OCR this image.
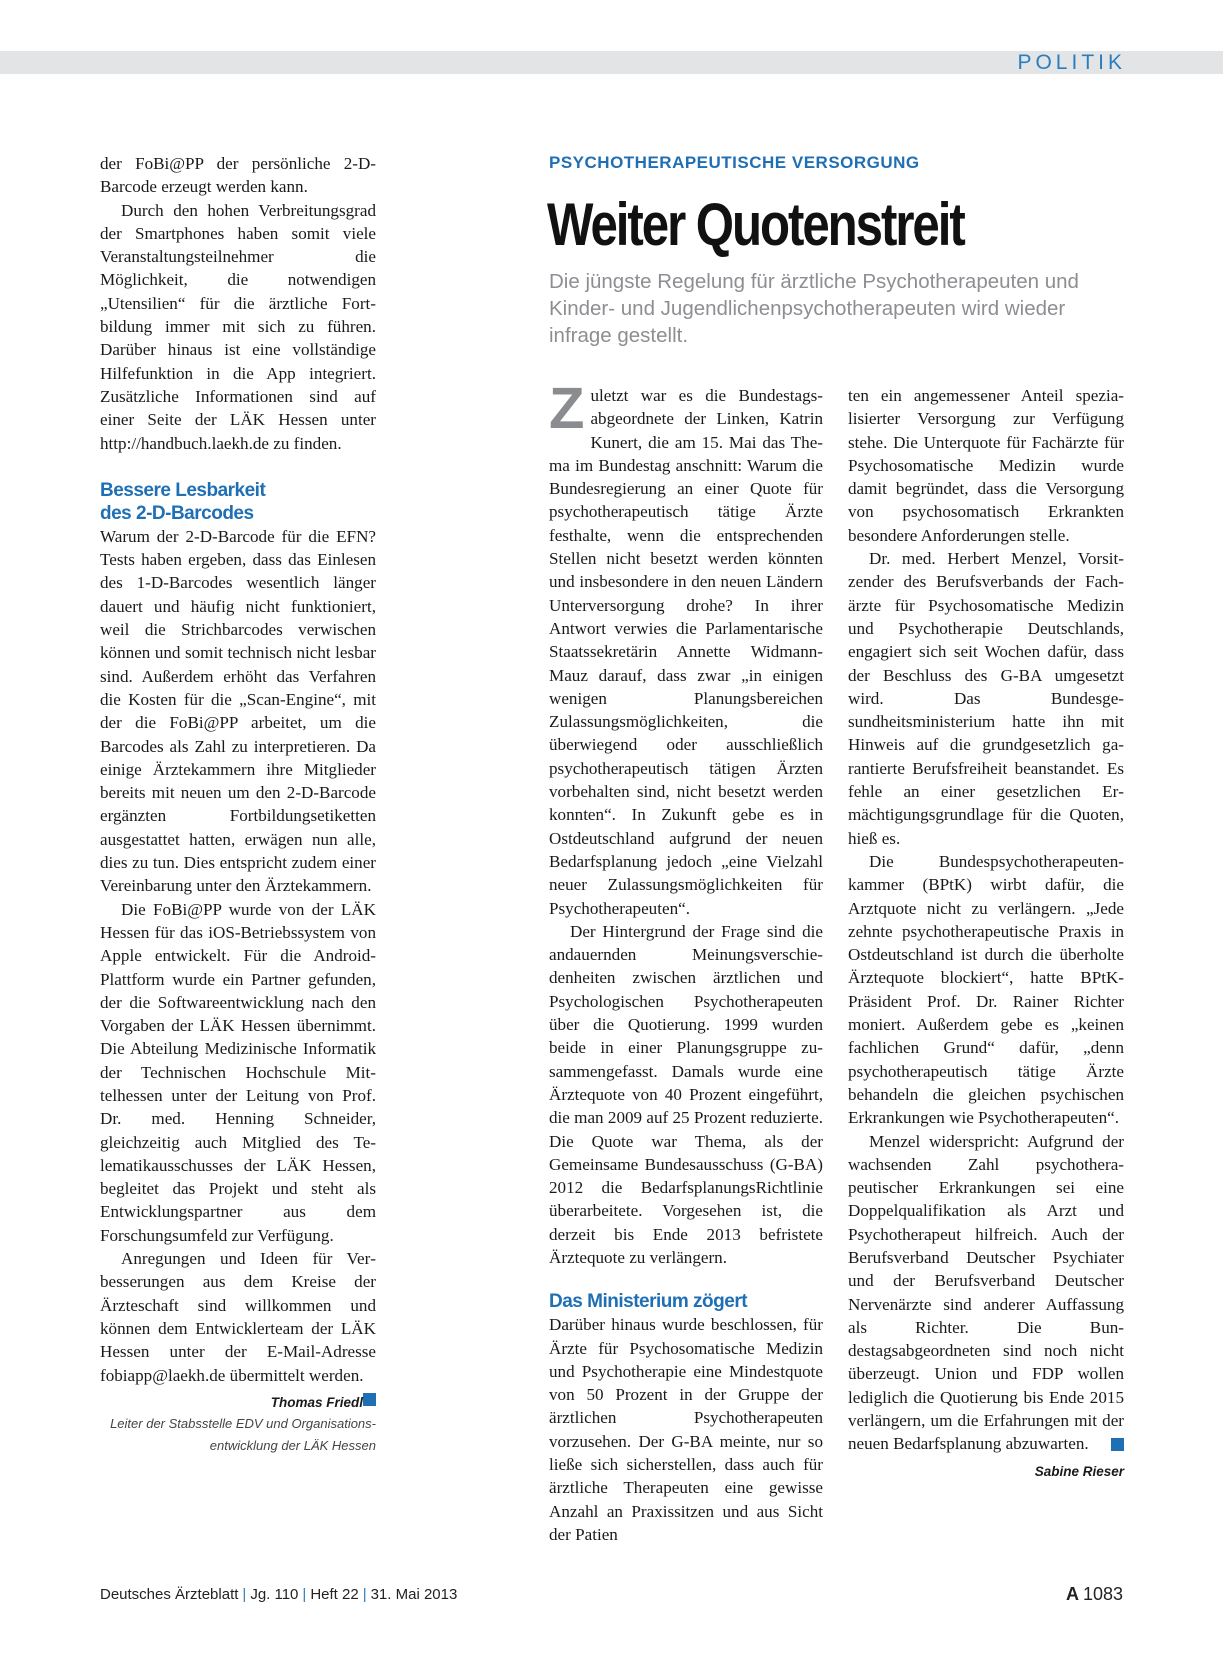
POLITIK

der FoBi@PP der persönliche 2-D-Barcode erzeugt werden kann.

Durch den hohen Verbreitungsgrad der Smartphones haben somit viele Veranstaltungsteilnehmer die Möglichkeit, die notwendigen „Utensilien“ für die ärztliche Fortbildung immer mit sich zu führen. Darüber hinaus ist eine vollständige Hilfefunktion in die App integriert. Zusätzliche Informationen sind auf einer Seite der LÄK Hessen unter http://handbuch.laekh.de zu finden.

Bessere Lesbarkeit
des 2-D-Barcodes

Warum der 2-D-Barcode für die EFN? Tests haben ergeben, dass das Einlesen des 1-D-Barcodes wesentlich länger dauert und häufig nicht funktioniert, weil die Strichbarcodes verwischen können und somit technisch nicht lesbar sind. Außerdem erhöht das Verfahren die Kosten für die „Scan-Engine“, mit der die FoBi@PP arbeitet, um die Barcodes als Zahl zu interpretieren. Da einige Ärztekammern ihre Mitglieder bereits mit neuen um den 2-D-Barcode ergänzten Fortbildungsetiketten ausgestattet hatten, erwägen nun alle, dies zu tun. Dies entspricht zudem einer Vereinbarung unter den Ärztekammern.

Die FoBi@PP wurde von der LÄK Hessen für das iOS-Betriebssystem von Apple entwickelt. Für die Android-Plattform wurde ein Partner gefunden, der die Softwareentwicklung nach den Vorgaben der LÄK Hessen übernimmt. Die Abteilung Medizinische Informatik der Technischen Hochschule Mittelhessen unter der Leitung von Prof. Dr. med. Henning Schneider, gleichzeitig auch Mitglied des Telematikausschusses der LÄK Hessen, begleitet das Projekt und steht als Entwicklungspartner aus dem Forschungsumfeld zur Verfügung.

Anregungen und Ideen für Verbesserungen aus dem Kreise der Ärzteschaft sind willkommen und können dem Entwicklerteam der LÄK Hessen unter der E-Mail-Adresse fobiapp@laekh.de übermittelt werden.

Thomas Friedl
Leiter der Stabsstelle EDV und Organisations-
entwicklung der LÄK Hessen
PSYCHOTHERAPEUTISCHE VERSORGUNG
Weiter Quotenstreit
Die jüngste Regelung für ärztliche Psychotherapeuten und Kinder- und Jugendlichenpsychotherapeuten wird wieder infrage gestellt.

Zuletzt war es die Bundestagsabgeordnete der Linken, Katrin Kunert, die am 15. Mai das Thema im Bundestag anschnitt: Warum die Bundesregierung an einer Quote für psychotherapeutisch tätige Ärzte festhalte, wenn die entsprechenden Stellen nicht besetzt werden könnten und insbesondere in den neuen Ländern Unterversorgung drohe? In ihrer Antwort verwies die Parlamentarische Staatssekretärin Annette Widmann-Mauz darauf, dass zwar „in einigen wenigen Planungsbereichen Zulassungsmöglichkeiten, die überwiegend oder ausschließlich psychotherapeutisch tätigen Ärzten vorbehalten sind, nicht besetzt werden konnten“. In Zukunft gebe es in Ostdeutschland aufgrund der neuen Bedarfsplanung jedoch „eine Vielzahl neuer Zulassungsmöglichkeiten für Psychotherapeuten“.

Der Hintergrund der Frage sind die andauernden Meinungsverschiedenheiten zwischen ärztlichen und Psychologischen Psychotherapeuten über die Quotierung. 1999 wurden beide in einer Planungsgruppe zusammengefasst. Damals wurde eine Ärztequote von 40 Prozent eingeführt, die man 2009 auf 25 Prozent reduzierte. Die Quote war Thema, als der Gemeinsame Bundesausschuss (G-BA) 2012 die BedarfsplanungsRichtlinie überarbeitete. Vorgesehen ist, die derzeit bis Ende 2013 befristete Ärztequote zu verlängern.

Das Ministerium zögert

Darüber hinaus wurde beschlossen, für Ärzte für Psychosomatische Medizin und Psychotherapie eine Mindestquote von 50 Prozent in der Gruppe der ärztlichen Psychotherapeuten vorzusehen. Der G-BA meinte, nur so ließe sich sicherstellen, dass auch für ärztliche Therapeuten eine gewisse Anzahl an Praxissitzen und aus Sicht der Patien

ten ein angemessener Anteil spezialisierter Versorgung zur Verfügung stehe. Die Unterquote für Fachärzte für Psychosomatische Medizin wurde damit begründet, dass die Versorgung von psychosomatisch Erkrankten besondere Anforderungen stelle.

Dr. med. Herbert Menzel, Vorsitzender des Berufsverbands der Fachärzte für Psychosomatische Medizin und Psychotherapie Deutschlands, engagiert sich seit Wochen dafür, dass der Beschluss des G-BA umgesetzt wird. Das Bundesgesundheitsministerium hatte ihn mit Hinweis auf die grundgesetzlich garantierte Berufsfreiheit beanstandet. Es fehle an einer gesetzlichen Ermächtigungsgrundlage für die Quoten, hieß es.

Die Bundespsychotherapeutenkammer (BPtK) wirbt dafür, die Arztquote nicht zu verlängern. „Jede zehnte psychotherapeutische Praxis in Ostdeutschland ist durch die überholte Ärztequote blockiert“, hatte BPtK-Präsident Prof. Dr. Rainer Richter moniert. Außerdem gebe es „keinen fachlichen Grund“ dafür, „denn psychotherapeutisch tätige Ärzte behandeln die gleichen psychischen Erkrankungen wie Psychotherapeuten“.

Menzel widerspricht: Aufgrund der wachsenden Zahl psychotherapeutischer Erkrankungen sei eine Doppelqualifikation als Arzt und Psychotherapeut hilfreich. Auch der Berufsverband Deutscher Psychiater und der Berufsverband Deutscher Nervenärzte sind anderer Auffassung als Richter. Die Bundestagsabgeordneten sind noch nicht überzeugt. Union und FDP wollen lediglich die Quotierung bis Ende 2015 verlängern, um die Erfahrungen mit der neuen Bedarfsplanung abzuwarten.

Sabine Rieser
Deutsches Ärzteblatt | Jg. 110 | Heft 22 | 31. Mai 2013	A 1083
